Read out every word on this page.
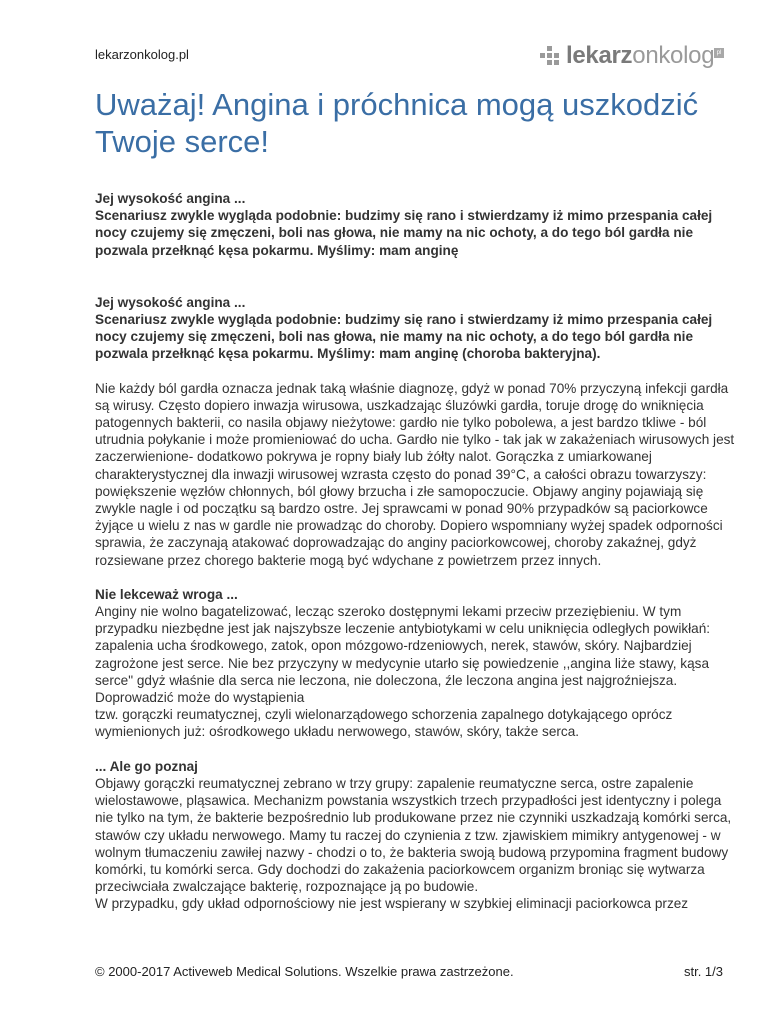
lekarzonkolog.pl	lekarzonkolog pl
Uważaj! Angina i próchnica mogą uszkodzić Twoje serce!

Jej wysokość angina ...
Scenariusz zwykle wygląda podobnie: budzimy się rano i stwierdzamy iż mimo przespania całej nocy czujemy się zmęczeni, boli nas głowa, nie mamy na nic ochoty, a do tego ból gardła nie pozwala przełknąć kęsa pokarmu. Myślimy: mam anginę

Jej wysokość angina ...
Scenariusz zwykle wygląda podobnie: budzimy się rano i stwierdzamy iż mimo przespania całej nocy czujemy się zmęczeni, boli nas głowa, nie mamy na nic ochoty, a do tego ból gardła nie pozwala przełknąć kęsa pokarmu. Myślimy: mam anginę (choroba bakteryjna).

Nie każdy ból gardła oznacza jednak taką właśnie diagnozę, gdyż w ponad 70% przyczyną infekcji gardła są wirusy. Często dopiero inwazja wirusowa, uszkadzając śluzówki gardła, toruje drogę do wniknięcia patogennych bakterii, co nasila objawy nieżytowe: gardło nie tylko pobolewa, a jest bardzo tkliwe - ból utrudnia połykanie i może promieniować do ucha. Gardło nie tylko - tak jak w zakażeniach wirusowych jest zaczerwienione- dodatkowo pokrywa je ropny biały lub żółty nalot. Gorączka z umiarkowanej charakterystycznej dla inwazji wirusowej wzrasta często do ponad 39°C, a całości obrazu towarzyszy: powiększenie węzłów chłonnych, ból głowy brzucha i złe samopoczucie. Objawy anginy pojawiają się zwykle nagle i od początku są bardzo ostre. Jej sprawcami w ponad 90% przypadków są paciorkowce żyjące u wielu z nas w gardle nie prowadząc do choroby. Dopiero wspomniany wyżej spadek odporności sprawia, że zaczynają atakować doprowadzając do anginy paciorkowcowej, choroby zakaźnej, gdyż rozsiewane przez chorego bakterie mogą być wdychane z powietrzem przez innych.

Nie lekceważ wroga ...

Anginy nie wolno bagatelizować, lecząc szeroko dostępnymi lekami przeciw przeziębieniu. W tym przypadku niezbędne jest jak najszybsze leczenie antybiotykami w celu uniknięcia odległych powikłań: zapalenia ucha środkowego, zatok, opon mózgowo-rdzeniowych, nerek, stawów, skóry. Najbardziej zagrożone jest serce. Nie bez przyczyny w medycynie utarło się powiedzenie ,,angina liże stawy, kąsa serce" gdyż właśnie dla serca nie leczona, nie doleczona, źle leczona angina jest najgroźniejsza. Doprowadzić może do wystąpienia
tzw. gorączki reumatycznej, czyli wielonarządowego schorzenia zapalnego dotykającego oprócz wymienionych już: ośrodkowego układu nerwowego, stawów, skóry, także serca.

... Ale go poznaj

Objawy gorączki reumatycznej zebrano w trzy grupy: zapalenie reumatyczne serca, ostre zapalenie wielostawowe, pląsawica. Mechanizm powstania wszystkich trzech przypadłości jest identyczny i polega nie tylko na tym, że bakterie bezpośrednio lub produkowane przez nie czynniki uszkadzają komórki serca, stawów czy układu nerwowego. Mamy tu raczej do czynienia z tzw. zjawiskiem mimikry antygenowej - w wolnym tłumaczeniu zawiłej nazwy - chodzi o to, że bakteria swoją budową przypomina fragment budowy komórki, tu komórki serca. Gdy dochodzi do zakażenia paciorkowcem organizm broniąc się wytwarza przeciwciała zwalczające bakterię, rozpoznające ją po budowie.
W przypadku, gdy układ odpornościowy nie jest wspierany w szybkiej eliminacji paciorkowca przez

© 2000-2017 Activeweb Medical Solutions. Wszelkie prawa zastrzeżone.	str. 1/3
